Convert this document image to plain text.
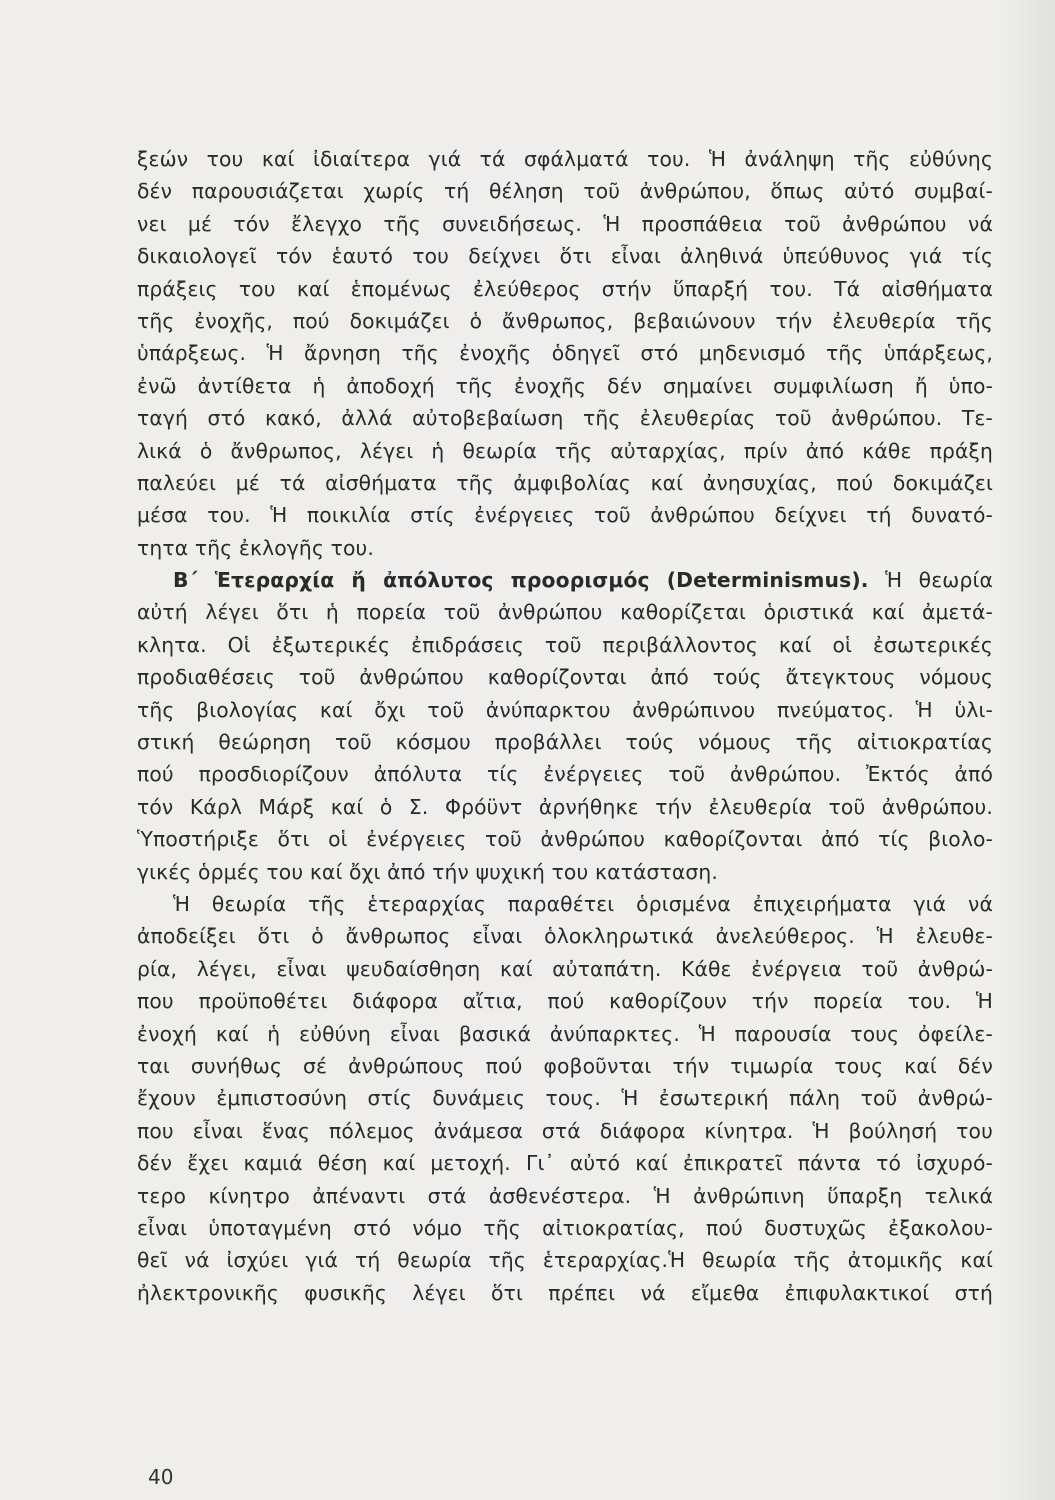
ξεών του καί ἰδιαίτερα γιά τά σφάλματά του. Ἡ ἀνάληψη τῆς εὐθύνης
δέν παρουσιάζεται χωρίς τή θέληση τοῦ ἀνθρώπου, ὅπως αὐτό συμβαί-
νει μέ τόν ἔλεγχο τῆς συνειδήσεως. Ἡ προσπάθεια τοῦ ἀνθρώπου νά
δικαιολογεῖ τόν ἑαυτό του δείχνει ὅτι εἶναι ἀληθινά ὑπεύθυνος γιά τίς
πράξεις του καί ἑπομένως ἐλεύθερος στήν ὕπαρξή του. Τά αἰσθήματα
τῆς ἐνοχῆς, πού δοκιμάζει ὁ ἄνθρωπος, βεβαιώνουν τήν ἐλευθερία τῆς
ὑπάρξεως. Ἡ ἄρνηση τῆς ἐνοχῆς ὁδηγεῖ στό μηδενισμό τῆς ὑπάρξεως,
ἐνῶ ἀντίθετα ἡ ἀποδοχή τῆς ἐνοχῆς δέν σημαίνει συμφιλίωση ἤ ὑπο-
ταγή στό κακό, ἀλλά αὐτοβεβαίωση τῆς ἐλευθερίας τοῦ ἀνθρώπου. Τε-
λικά ὁ ἄνθρωπος, λέγει ἡ θεωρία τῆς αὐταρχίας, πρίν ἀπό κάθε πράξη
παλεύει μέ τά αἰσθήματα τῆς ἀμφιβολίας καί ἀνησυχίας, πού δοκιμάζει
μέσα του. Ἡ ποικιλία στίς ἐνέργειες τοῦ ἀνθρώπου δείχνει τή δυνατό-
τητα τῆς ἐκλογῆς του.
Β΄ Ἑτεραρχία ἤ ἀπόλυτος προορισμός (Determinismus). Ἡ θεωρία
αὐτή λέγει ὅτι ἡ πορεία τοῦ ἀνθρώπου καθορίζεται ὁριστικά καί ἀμετά-
κλητα. Οἱ ἐξωτερικές ἐπιδράσεις τοῦ περιβάλλοντος καί οἱ ἐσωτερικές
προδιαθέσεις τοῦ ἀνθρώπου καθορίζονται ἀπό τούς ἄτεγκτους νόμους
τῆς βιολογίας καί ὄχι τοῦ ἀνύπαρκτου ἀνθρώπινου πνεύματος. Ἡ ὑλι-
στική θεώρηση τοῦ κόσμου προβάλλει τούς νόμους τῆς αἰτιοκρατίας
πού προσδιορίζουν ἀπόλυτα τίς ἐνέργειες τοῦ ἀνθρώπου. Ἐκτός ἀπό
τόν Κάρλ Μάρξ καί ὁ Σ. Φρόϋντ ἀρνήθηκε τήν ἐλευθερία τοῦ ἀνθρώπου.
Ὑποστήριξε ὅτι οἱ ἐνέργειες τοῦ ἀνθρώπου καθορίζονται ἀπό τίς βιολο-
γικές ὁρμές του καί ὄχι ἀπό τήν ψυχική του κατάσταση.
Ἡ θεωρία τῆς ἑτεραρχίας παραθέτει ὁρισμένα ἐπιχειρήματα γιά νά
ἀποδείξει ὅτι ὁ ἄνθρωπος εἶναι ὁλοκληρωτικά ἀνελεύθερος. Ἡ ἐλευθε-
ρία, λέγει, εἶναι ψευδαίσθηση καί αὐταπάτη. Κάθε ἐνέργεια τοῦ ἀνθρώ-
που προϋποθέτει διάφορα αἴτια, πού καθορίζουν τήν πορεία του. Ἡ
ἐνοχή καί ἡ εὐθύνη εἶναι βασικά ἀνύπαρκτες. Ἡ παρουσία τους ὀφείλε-
ται συνήθως σέ ἀνθρώπους πού φοβοῦνται τήν τιμωρία τους καί δέν
ἔχουν ἐμπιστοσύνη στίς δυνάμεις τους. Ἡ ἐσωτερική πάλη τοῦ ἀνθρώ-
που εἶναι ἕνας πόλεμος ἀνάμεσα στά διάφορα κίνητρα. Ἡ βούλησή του
δέν ἔχει καμιά θέση καί μετοχή. Γι᾿ αὐτό καί ἐπικρατεῖ πάντα τό ἰσχυρό-
τερο κίνητρο ἀπέναντι στά ἀσθενέστερα. Ἡ ἀνθρώπινη ὕπαρξη τελικά
εἶναι ὑποταγμένη στό νόμο τῆς αἰτιοκρατίας, πού δυστυχῶς ἐξακολου-
θεῖ νά ἰσχύει γιά τή θεωρία τῆς ἑτεραρχίας.Ἡ θεωρία τῆς ἀτομικῆς καί
ἠλεκτρονικῆς φυσικῆς λέγει ὅτι πρέπει νά εἴμεθα ἐπιφυλακτικοί στή
40
